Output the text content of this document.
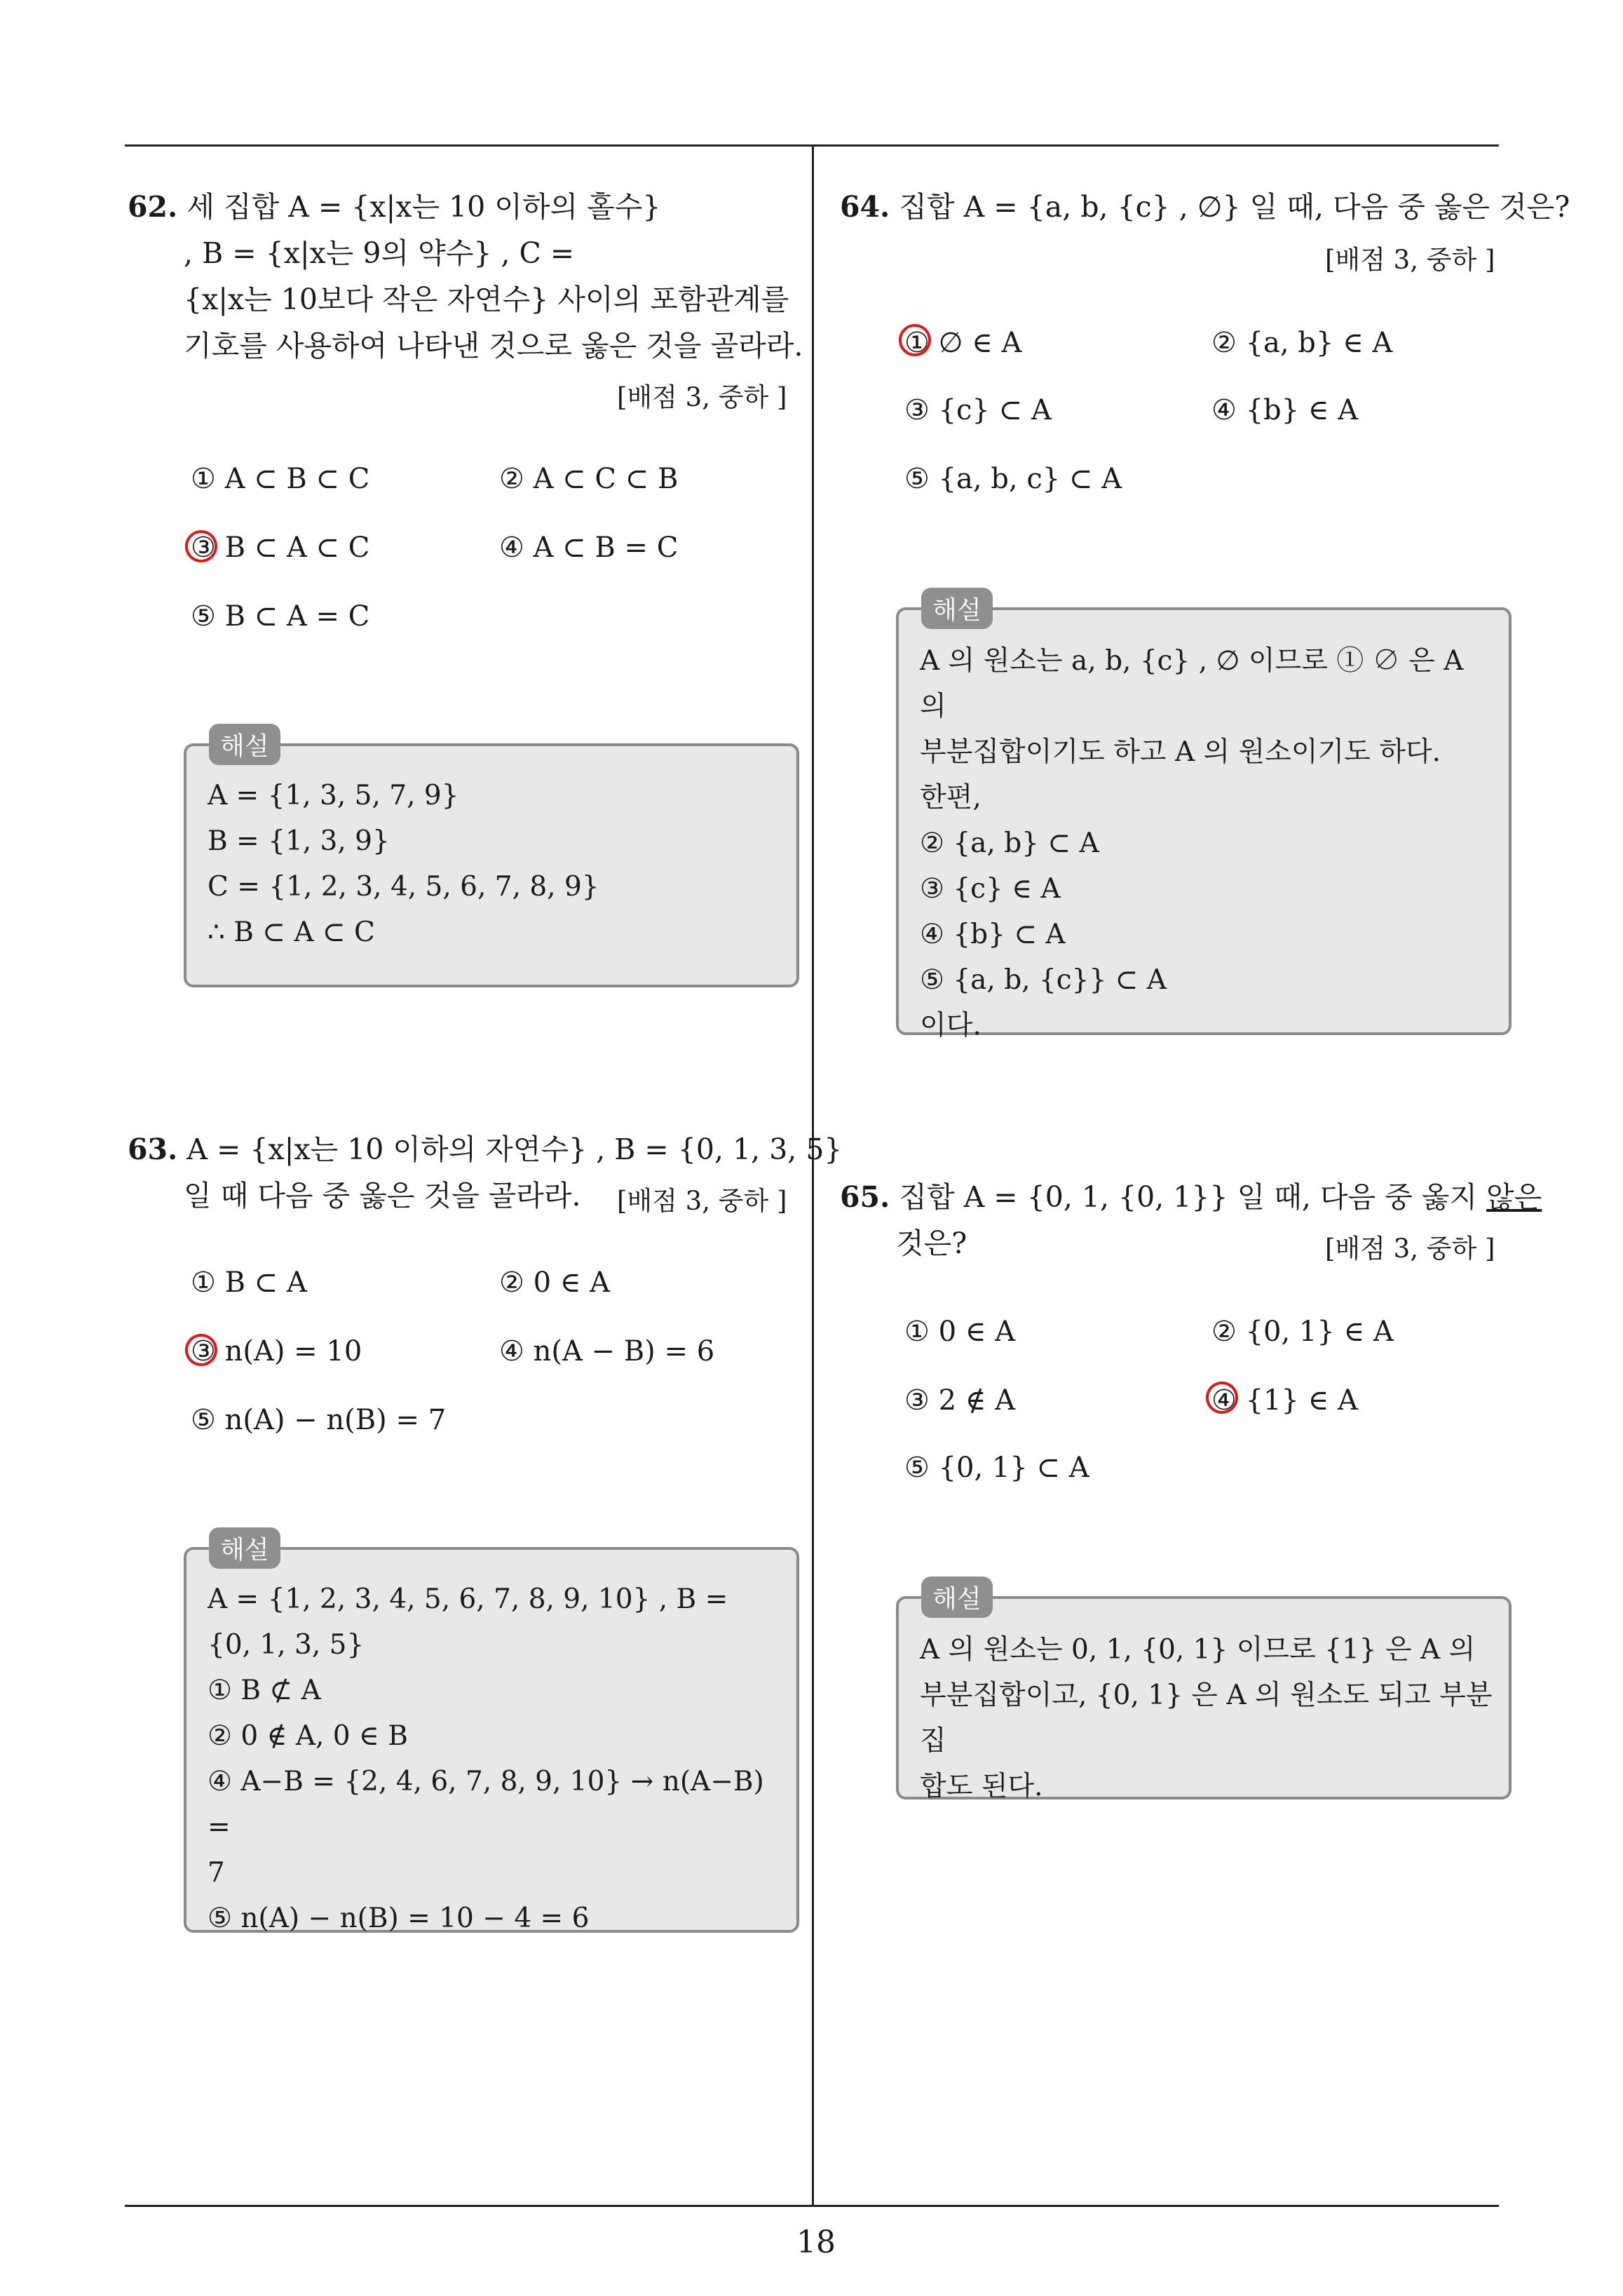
62. 세 집합 A = {x|x는 10 이하의 홀수}
, B = {x|x는 9의 약수} , C =
{x|x는 10보다 작은 자연수} 사이의 포함관계를
기호를 사용하여 나타낸 것으로 옳은 것을 골라라.
[배점 3, 중하 ]
① A ⊂ B ⊂ C	② A ⊂ C ⊂ B
③ B ⊂ A ⊂ C	④ A ⊂ B = C
⑤ B ⊂ A = C
해설
A = {1, 3, 5, 7, 9}
B = {1, 3, 9}
C = {1, 2, 3, 4, 5, 6, 7, 8, 9}
∴ B ⊂ A ⊂ C
63. A = {x|x는 10 이하의 자연수} , B = {0, 1, 3, 5}
일 때 다음 중 옳은 것을 골라라. [배점 3, 중하 ]
① B ⊂ A	② 0 ∈ A
③ n(A) = 10	④ n(A − B) = 6
⑤ n(A) − n(B) = 7
해설
A = {1, 2, 3, 4, 5, 6, 7, 8, 9, 10} , B =
{0, 1, 3, 5}
① B ⊄ A
② 0 ∉ A, 0 ∈ B
④ A−B = {2, 4, 6, 7, 8, 9, 10} → n(A−B) =
7
⑤ n(A) − n(B) = 10 − 4 = 6
64. 집합 A = {a, b, {c} , ∅} 일 때, 다음 중 옳은 것은?
[배점 3, 중하 ]
① ∅ ∈ A	② {a, b} ∈ A
③ {c} ⊂ A	④ {b} ∈ A
⑤ {a, b, c} ⊂ A
해설
A 의 원소는 a, b, {c} , ∅ 이므로 ① ∅ 은 A 의
부분집합이기도 하고 A 의 원소이기도 하다.
한편,
② {a, b} ⊂ A
③ {c} ∈ A
④ {b} ⊂ A
⑤ {a, b, {c}} ⊂ A
이다.
65. 집합 A = {0, 1, {0, 1}} 일 때, 다음 중 옳지 않은
것은?	[배점 3, 중하 ]
① 0 ∈ A	② {0, 1} ∈ A
③ 2 ∉ A	④ {1} ∈ A
⑤ {0, 1} ⊂ A
해설
A 의 원소는 0, 1, {0, 1} 이므로 {1} 은 A 의
부분집합이고, {0, 1} 은 A 의 원소도 되고 부분집
합도 된다.
18
